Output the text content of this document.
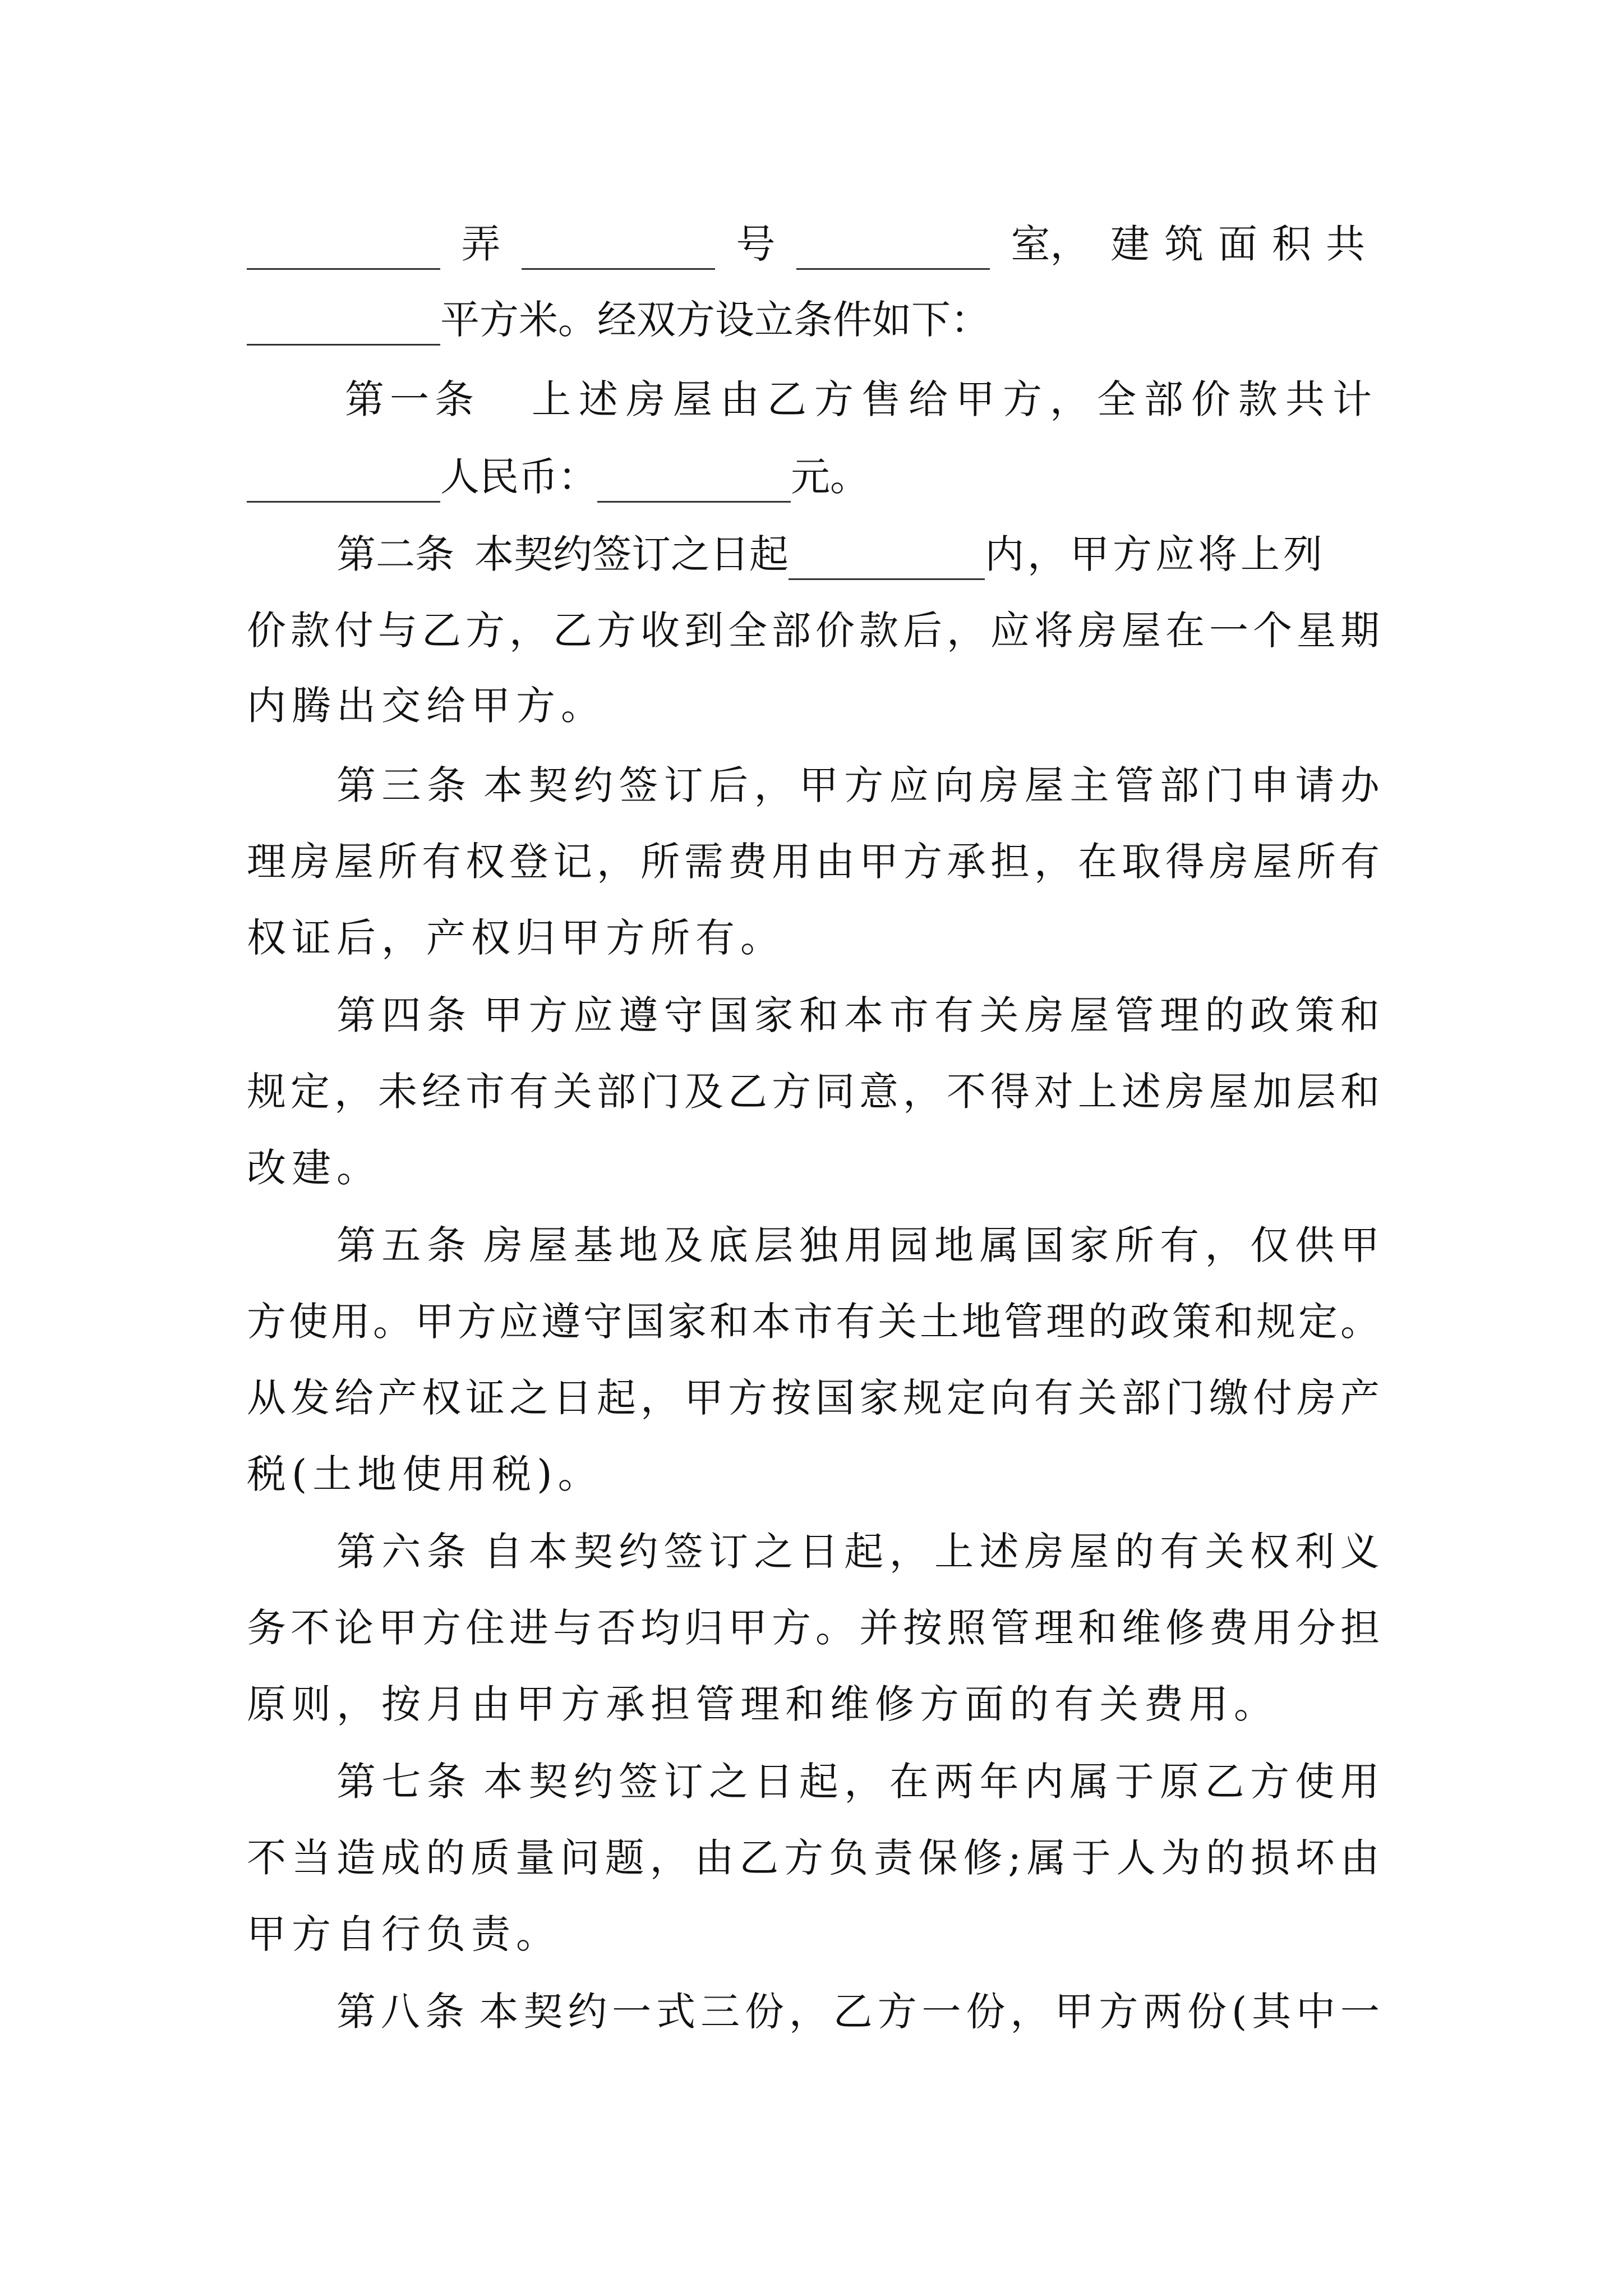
弄	号	室， 建筑面积共
平方米。经双方设立条件如下：
第一条 上述房屋由乙方售给甲方，全部价款共计
人民币：	元。
第二条 本契约签订之日起	内，甲方应将上列
价 款 付 与 乙 方 ， 乙 方 收 到 全 部 价 款 后 ， 应 将 房 屋 在 一 个 星 期
内腾出交给甲方。
第 三 条 本 契 约 签 订 后 ， 甲 方 应 向 房 屋 主 管 部 门 申 请 办
理 房 屋 所 有 权 登 记 ， 所 需 费 用 由 甲 方 承 担 ， 在 取 得 房 屋 所 有
权证后，产权归甲方所有。
第 四 条 甲 方 应 遵 守 国 家 和 本 市 有 关 房 屋 管 理 的 政 策 和
规 定 ， 未 经 市 有 关 部 门 及 乙 方 同 意 ， 不 得 对 上 述 房 屋 加 层 和
改建。
第 五 条 房 屋 基 地 及 底 层 独 用 园 地 属 国 家 所 有 ， 仅 供 甲
方 使 用 。 甲 方 应 遵 守 国 家 和 本 市 有 关 土 地 管 理 的 政 策 和 规 定 。
从 发 给 产 权 证 之 日 起 ， 甲 方 按 国 家 规 定 向 有 关 部 门 缴 付 房 产
税(土地使用税)。
第 六 条 自 本 契 约 签 订 之 日 起 ， 上 述 房 屋 的 有 关 权 利 义
务 不 论 甲 方 住 进 与 否 均 归 甲 方 。 并 按 照 管 理 和 维 修 费 用 分 担
原则，按月由甲方承担管理和维修方面的有关费用。
第 七 条 本 契 约 签 订 之 日 起 ， 在 两 年 内 属 于 原 乙 方 使 用
不 当 造 成 的 质 量 问 题 ， 由 乙 方 负 责 保 修 ; 属 于 人 为 的 损 坏 由
甲方自行负责。
第 八 条 本 契 约 一 式 三 份 ， 乙 方 一 份 ， 甲 方 两 份 ( 其 中 一
